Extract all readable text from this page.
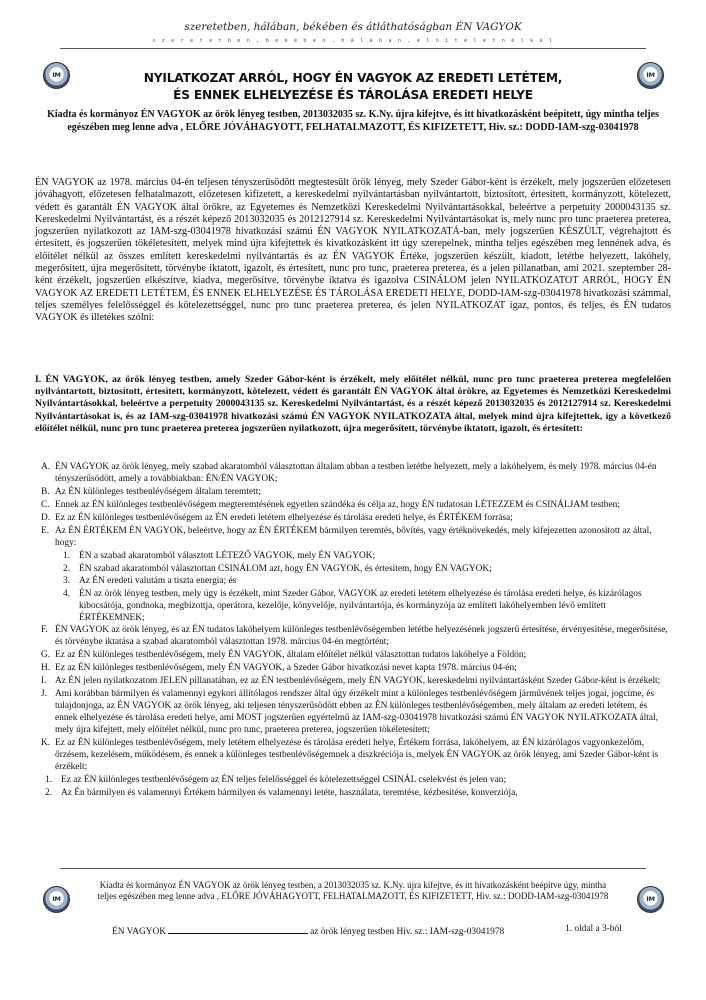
szeretetben, hálában, békében és átláthatóságban ÉN VAGYOK
s z e r e t e t b e n , b é k é b e n , h á l á b a n , e l ő í t é l e t n é l k ü l
IM	IM
NYILATKOZAT ARRÓL, HOGY ÉN VAGYOK AZ EREDETI LETÉTEM,
ÉS ENNEK ELHELYEZÉSE ÉS TÁROLÁSA EREDETI HELYE
Kiadta és kormányoz ÉN VAGYOK az örök lényeg testben, 2013032035 sz. K.Ny. újra kifejtve, és itt hivatkozásként beépített, úgy mintha teljes egészében meg lenne adva , ELŐRE JÓVÁHAGYOTT, FELHATALMAZOTT, ÉS KIFIZETETT, Hiv. sz.: DODD-IAM-szg-03041978
ÉN VAGYOK az 1978. március 04-én teljesen tényszerűsödött megtestesült örök lényeg, mely Szeder Gábor-ként is érzékelt, mely jogszerűen előzetesen jóváhagyott, előzetesen felhatalmazott, előzetesen kifizetett, a kereskedelmi nyilvántartásban nyilvántartott, biztosított, értesített, kormányzott, kötelezett, védett és garantált ÉN VAGYOK által örökre, az Egyetemes és Nemzetközi Kereskedelmi Nyilvántartásokkal, beleértve a perpetuity 2000043135 sz. Kereskedelmi Nyilvántartást, és a részét képező 2013032035 és 2012127914 sz. Kereskedelmi Nyilvántartásokat is, mely nunc pro tunc praeterea preterea, jogszerűen nyilatkozott az IAM-szg-03041978 hivatkozási számú ÉN VAGYOK NYILATKOZATÁ-ban, mely jogszerűen KÉSZÜLT, végrehajtott és értesített, és jogszerűen tökéletesített, melyek mind újra kifejtettek és kivatkozásként itt úgy szerepelnek, mintha teljes egészében meg lennének adva, és előítélet nélkül az összes említett kereskedelmi nyilvántartás és az ÉN VAGYOK Értéke, jogszerűen készült, kiadott, letétbe helyezett, lakóhely, megerősített, újra megerősített, törvénybe iktatott, igazolt, és értesített, nunc pro tunc, praeterea preterea, és a jelen pillanatban, ami 2021. szeptember 28-ként érzékelt, jogszerűen elkészítve, kiadva, megerősítve, törvénybe iktatva és igazolva CSINÁLOM jelen NYILATKOZATOT ARRÓL, HOGY ÉN VAGYOK AZ EREDETI LETÉTEM, ÉS ENNEK ELHELYEZÉSE ÉS TÁROLÁSA EREDETI HELYE, DODD-IAM-szg-03041978 hivatkozási számmal, teljes személyes felelősséggel és kötelezettséggel, nunc pro tunc praeterea preterea, és jelen NYILATKOZAT igaz, pontos, és teljes, és ÉN tudatos VAGYOK és illetékes szólni:
I. ÉN VAGYOK, az örök lényeg testben, amely Szeder Gábor-ként is érzékelt, mely előítélet nélkül, nunc pro tunc praeterea preterea megfelelően nyilvántartott, biztosított, értesített, kormányzott, kötelezett, védett és garantált ÉN VAGYOK által örökre, az Egyetemes és Nemzetközi Kereskedelmi Nyilvántartásokkal, beleértve a perpetuity 2000043135 sz. Kereskedelmi Nyilvántartást, és a részét képező 2013032035 és 2012127914 sz. Kereskedelmi Nyilvántartásokat is, és az IAM-szg-03041978 hivatkozási számú ÉN VAGYOK NYILATKOZATA által, melyek mind újra kifejtettek, így a következő előítélet nélkül, nunc pro tunc praeterea preterea jogszerűen nyilatkozott, újra megerősített, törvénybe iktatott, igazolt, és értesített:
A. ÉN VAGYOK az örök lényeg, mely szabad akaratomból választottan általam abban a testben letétbe helyezett, mely a lakóhelyem, és mely 1978. március 04-én tényszerűsödött, amely a továbbiakban: ÉN/ÉN VAGYOK;
B. Az ÉN különleges testbenlévőségem általam teremtett;
C. Ennek az ÉN különleges testbenlévőségem megteremtésének egyetlen szándéka és célja az, hogy ÉN tudatosan LÉTEZZEM és CSINÁLJAM testben;
D. Ez az ÉN különleges testbenlévőségem az ÉN eredeti letétem elhelyezése és tárolása eredeti helye, és ÉRTÉKEM forrása;
E. Az ÉN ÉRTÉKEM ÉN VAGYOK, beleértve, hogy az ÉN ÉRTÉKEM bármilyen teremtés, bővítés, vagy értéknövekedés, mely kifejezetten azonosított az által, hogy:
1. ÉN a szabad akaratomból választott LÉTEZŐ VAGYOK, mely ÉN VAGYOK;
2. ÉN szabad akaratomból választottan CSINÁLOM azt, hogy ÉN VAGYOK, és értesítem, hogy ÉN VAGYOK;
3. Az ÉN eredeti valutám a tiszta energia; és
4. ÉN az örök lényeg testben, mely úgy is érzékelt, mint Szeder Gábor, VAGYOK az eredeti letétem elhelyezése és tárolása eredeti helye, és kizárólagos kibocsátója, gondnoka, megbízottja, operátora, kezelője, könyvelője, nyilvántartója, és kormányzója az említett lakóhelyemben lévő említett ÉRTÉKEMNEK;
F. ÉN VAGYOK az örök lényeg, és az ÉN tudatos lakóhelyem különleges testbenlévőségemben letétbe helyezésének jogszerű értesítése, érvényesítése, megerősítése, és törvénybe iktatása a szabad akaratomból választottan 1978. március 04-én megtörtént;
G. Ez az ÉN különleges testbenlévőségem, mely ÉN VAGYOK, általam előítélet nélkül választottan tudatos lakóhelye a Földön;
H. Ez az ÉN különleges testbenlévőségem, mely ÉN VAGYOK, a Szeder Gábor hivatkozási nevet kapta 1978. március 04-én;
I. Az ÉN jelen nyilatkozatom JELEN pillanatában, ez az ÉN testbenlévőségem, mely ÉN VAGYOK, kereskedelmi nyilvántartásként Szeder Gábor-ként is érzékelt;
J. Ami korábban bármilyen és valamennyi egykori állítólagos rendszer által úgy érzékelt mint a különleges testbenlévőségem járművének teljes jogai, jogcíme, és tulajdonjoga, az ÉN VAGYOK az örök lényeg, aki teljesen tényszerűsödött ebben az ÉN különleges testbenlévőségemben, mely általam az eredeti letétem, és ennek elhelyezése és tárolása eredeti helye, ami MOST jogszerűen egyértelmű az IAM-szg-03041978 hivatkozási számú ÉN VAGYOK NYILATKOZATA által, mely újra kifejtett, mely előítélet nélkül, nunc pro tunc, praeterea preterea, jogszerűen tökéletesített;
K. Ez az ÉN különleges testbenlévőségem, mely letétem elhelyezése és tárolása eredeti helye, Értékem forrása, lakóhelyem, az ÉN kizárólagos vagyonkezelőm, őrzésem, kezelésem, működésem, és ennek a különleges testbenlévőségemnek a diszkréciója is, melyek ÉN VAGYOK az örök lényeg, ami Szeder Gábor-ként is érzékelt;
1. Ez az ÉN különleges testbenlévőségem az ÉN teljes felelősséggel és kötelezettséggel CSINÁL cselekvést és jelen van;
2. Az Én bármilyen és valamennyi Értékem bármilyen és valamennyi letéte, használata, teremtése, kézbesítése, konverziója,
Kiadta és kormányoz ÉN VAGYOK az örök lényeg testben, a 2013032035 sz. K.Ny. újra kifejtve, és itt hivatkozásként beépítve úgy, mintha teljes egészében meg lenne adva , ELŐRE JÓVÁHAGYOTT, FELHATALMAZOTT, ÉS KIFIZETETT, Hiv. sz.: DODD-IAM-szg-03041978
IM	IM
ÉN VAGYOK	az örök lényeg testben Hiv. sz.: IAM-szg-03041978	1. oldal a 3-ból
